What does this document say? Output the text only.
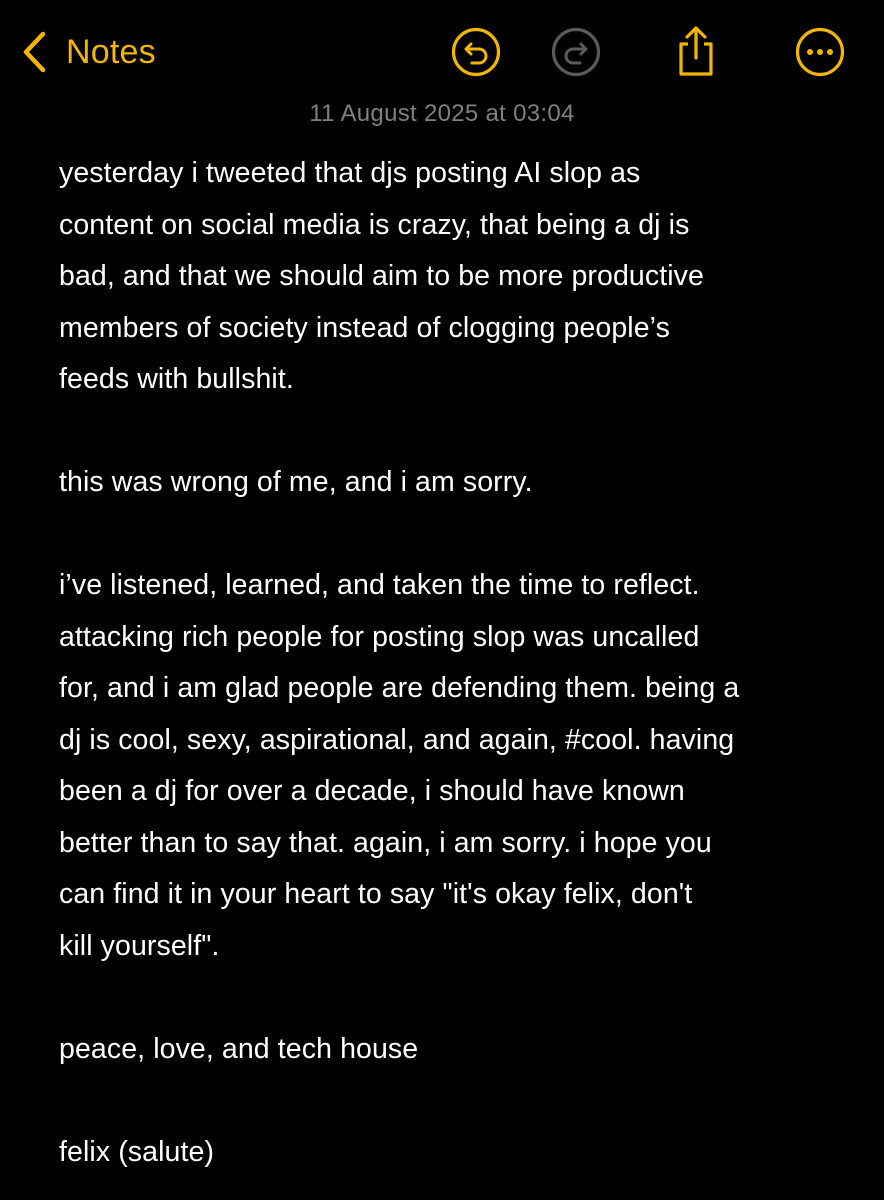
Notes
11 August 2025 at 03:04
yesterday i tweeted that djs posting AI slop as
content on social media is crazy, that being a dj is
bad, and that we should aim to be more productive
members of society instead of clogging people’s
feeds with bullshit.
this was wrong of me, and i am sorry.
i’ve listened, learned, and taken the time to reflect.
attacking rich people for posting slop was uncalled
for, and i am glad people are defending them. being a
dj is cool, sexy, aspirational, and again, #cool. having
been a dj for over a decade, i should have known
better than to say that. again, i am sorry. i hope you
can find it in your heart to say "it's okay felix, don't
kill yourself".
peace, love, and tech house
felix (salute)
